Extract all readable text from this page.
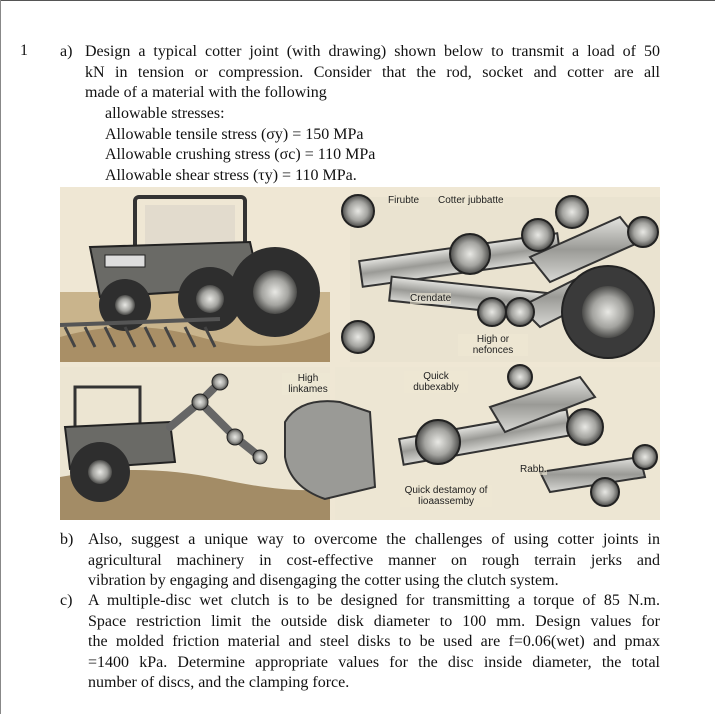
1 a) Design a typical cotter joint (with drawing) shown below to transmit a load of 50
kN in tension or compression. Consider that the rod, socket and cotter are all
made of a material with the following
allowable stresses:
Allowable tensile stress (σy) = 150 MPa
Allowable crushing stress (σc) = 110 MPa
Allowable shear stress (τy) = 110 MPa.
Firubte Cotter jubbatte
Crendate
High or nefonces
High linkames
Quick dubexably
Rabb.
Quick destamoy of Iioaassemby
b) Also, suggest a unique way to overcome the challenges of using cotter joints in
agricultural machinery in cost-effective manner on rough terrain jerks and
vibration by engaging and disengaging the cotter using the clutch system.
c) A multiple-disc wet clutch is to be designed for transmitting a torque of 85 N.m.
Space restriction limit the outside disk diameter to 100 mm. Design values for
the molded friction material and steel disks to be used are f=0.06(wet) and pmax
=1400 kPa. Determine appropriate values for the disc inside diameter, the total
number of discs, and the clamping force.
